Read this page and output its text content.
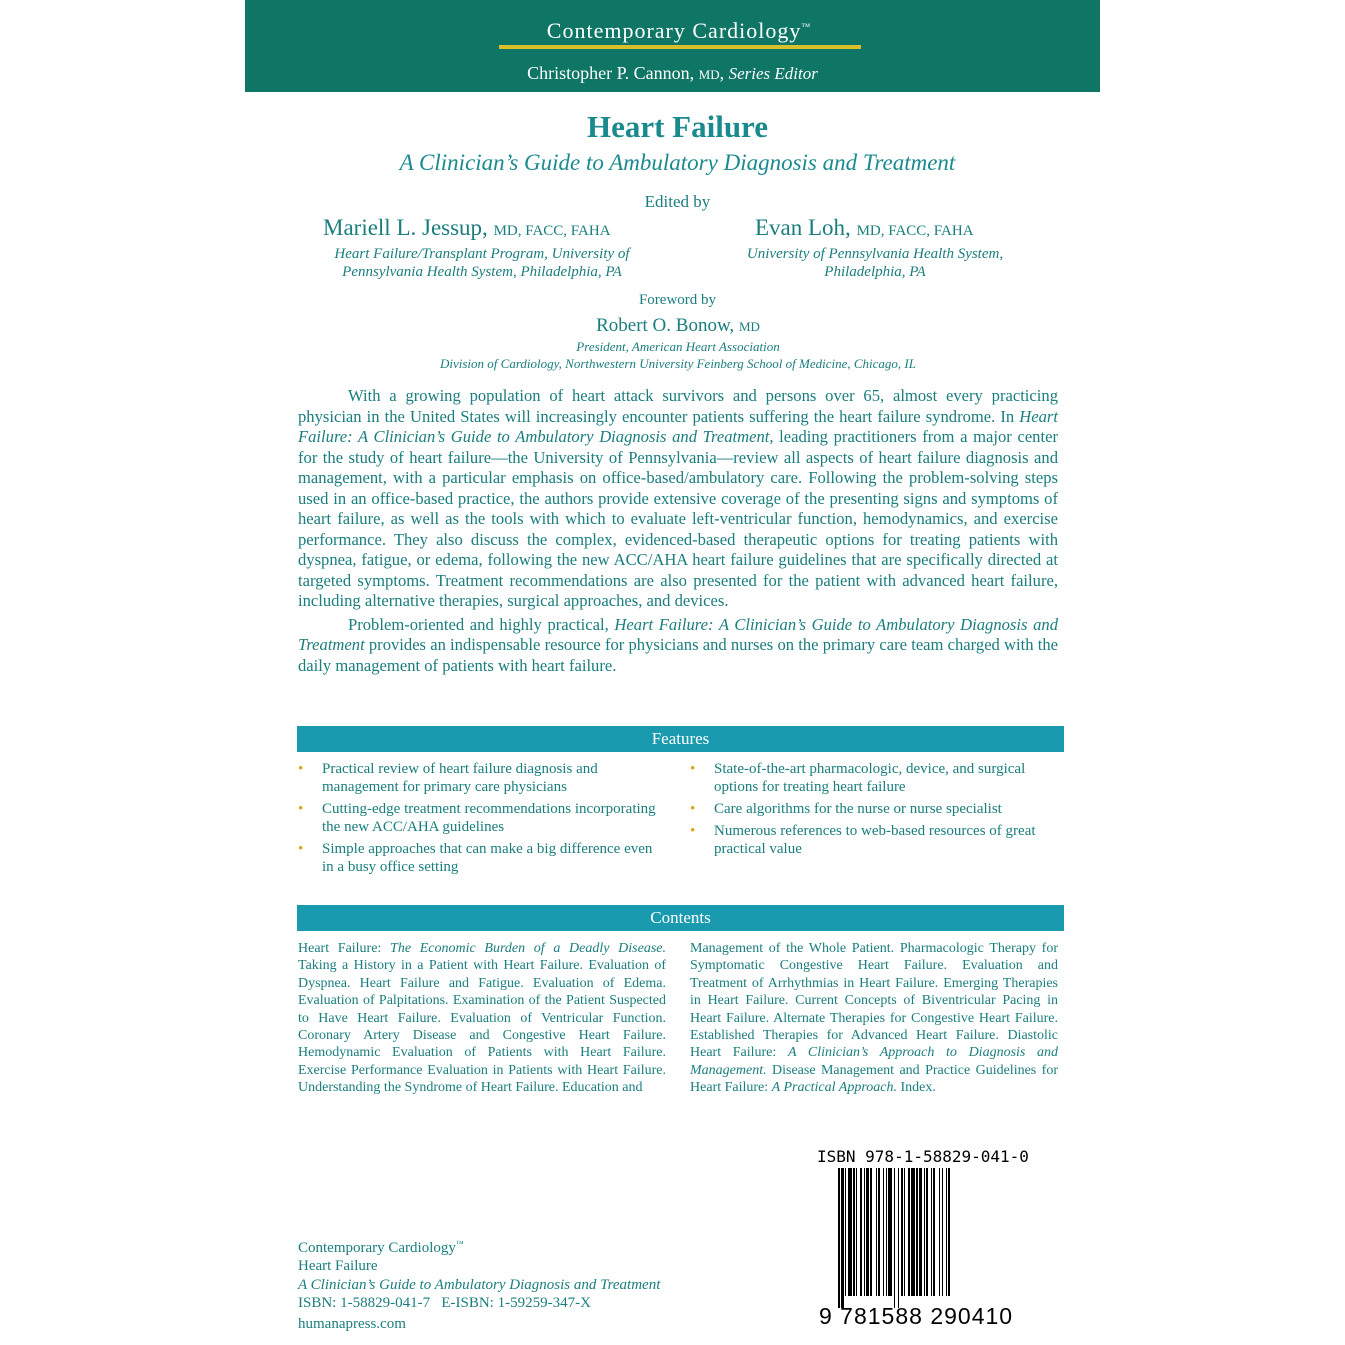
Contemporary Cardiology™
Christopher P. Cannon, MD, Series Editor
Heart Failure
A Clinician’s Guide to Ambulatory Diagnosis and Treatment
Edited by
Mariell L. Jessup, MD, FACC, FAHA
Heart Failure/Transplant Program, University of
Pennsylvania Health System, Philadelphia, PA
Evan Loh, MD, FACC, FAHA
University of Pennsylvania Health System,
Philadelphia, PA
Foreword by
Robert O. Bonow, MD
President, American Heart Association
Division of Cardiology, Northwestern University Feinberg School of Medicine, Chicago, IL

With a growing population of heart attack survivors and persons over 65, almost every practicing physician in the United States will increasingly encounter patients suffering the heart failure syndrome. In Heart Failure: A Clinician’s Guide to Ambulatory Diagnosis and Treatment, leading practitioners from a major center for the study of heart failure—the University of Pennsylvania—review all aspects of heart failure diagnosis and management, with a particular emphasis on office-based/ambulatory care. Following the problem-solving steps used in an office-based practice, the authors provide extensive coverage of the presenting signs and symptoms of heart failure, as well as the tools with which to evaluate left-ventricular function, hemodynamics, and exercise performance. They also discuss the complex, evidenced-based therapeutic options for treating patients with dyspnea, fatigue, or edema, following the new ACC/AHA heart failure guidelines that are specifically directed at targeted symptoms. Treatment recommendations are also presented for the patient with advanced heart failure, including alternative therapies, surgical approaches, and devices.

Problem-oriented and highly practical, Heart Failure: A Clinician’s Guide to Ambulatory Diagnosis and Treatment provides an indispensable resource for physicians and nurses on the primary care team charged with the daily management of patients with heart failure.

Features
• Practical review of heart failure diagnosis and management for primary care physicians
• Cutting-edge treatment recommendations incorporating the new ACC/AHA guidelines
• Simple approaches that can make a big difference even in a busy office setting
• State-of-the-art pharmacologic, device, and surgical options for treating heart failure
• Care algorithms for the nurse or nurse specialist
• Numerous references to web-based resources of great practical value
Contents
Heart Failure: The Economic Burden of a Deadly Disease. Taking a History in a Patient with Heart Failure. Evaluation of Dyspnea. Heart Failure and Fatigue. Evaluation of Edema. Evaluation of Palpitations. Examination of the Patient Suspected to Have Heart Failure. Evaluation of Ventricular Function. Coronary Artery Disease and Congestive Heart Failure. Hemodynamic Evaluation of Patients with Heart Failure. Exercise Performance Evaluation in Patients with Heart Failure. Understanding the Syndrome of Heart Failure. Education and
Management of the Whole Patient. Pharmacologic Therapy for Symptomatic Congestive Heart Failure. Evaluation and Treatment of Arrhythmias in Heart Failure. Emerging Therapies in Heart Failure. Current Concepts of Biventricular Pacing in Heart Failure. Alternate Therapies for Congestive Heart Failure. Established Therapies for Advanced Heart Failure. Diastolic Heart Failure: A Clinician’s Approach to Diagnosis and Management. Disease Management and Practice Guidelines for Heart Failure: A Practical Approach. Index.
ISBN 978-1-58829-041-0
9 781588 290410
Contemporary Cardiology™
Heart Failure
A Clinician’s Guide to Ambulatory Diagnosis and Treatment
ISBN: 1-58829-041-7 E-ISBN: 1-59259-347-X
humanapress.com
